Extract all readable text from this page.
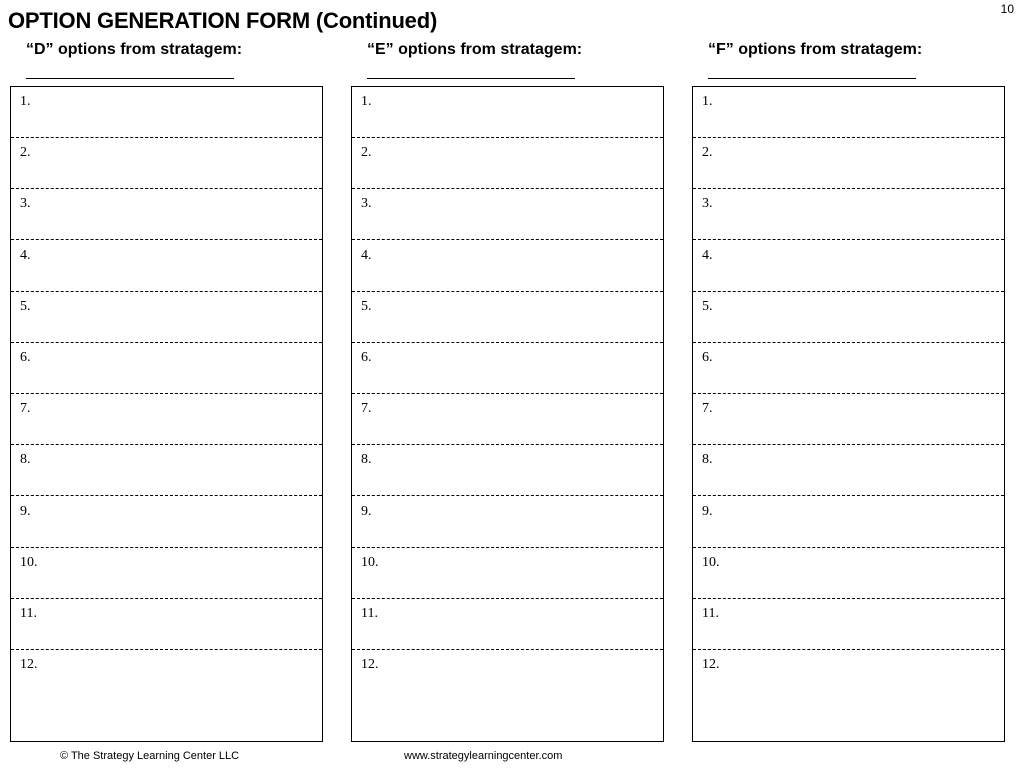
10
OPTION GENERATION FORM (Continued)
“D” options from stratagem:
1.
2.
3.
4.
5.
6.
7.
8.
9.
10.
11.
12.
“E” options from stratagem:
1.
2.
3.
4.
5.
6.
7.
8.
9.
10.
11.
12.
“F” options from stratagem:
1.
2.
3.
4.
5.
6.
7.
8.
9.
10.
11.
12.
© The Strategy Learning Center LLC	www.strategylearningcenter.com
